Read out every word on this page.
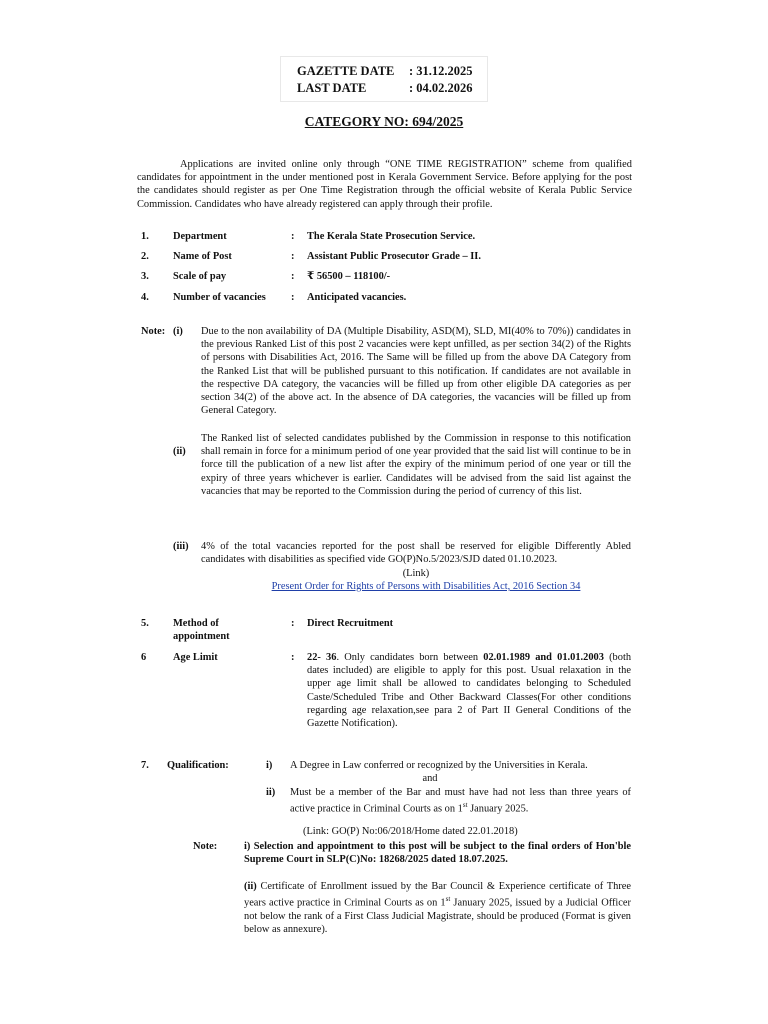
GAZETTE DATE : 31.12.2025
LAST DATE	: 04.02.2026
CATEGORY NO: 694/2025
Applications are invited online only through “ONE TIME REGISTRATION” scheme from qualified candidates for appointment in the under mentioned post in Kerala Government Service. Before applying for the post the candidates should register as per One Time Registration through the official website of Kerala Public Service Commission. Candidates who have already registered can apply through their profile.
1. Department	: The Kerala State Prosecution Service.
2. Name of Post	: Assistant Public Prosecutor Grade – II.
3. Scale of pay	: ₹ 56500 – 118100/-
4. Number of vacancies : Anticipated vacancies.
Note: (i) Due to the non availability of DA (Multiple Disability, ASD(M), SLD, MI(40% to 70%)) candidates in the previous Ranked List of this post 2 vacancies were kept unfilled, as per section 34(2) of the Rights of persons with Disabilities Act, 2016. The Same will be filled up from the above DA Category from the Ranked List that will be published pursuant to this notification. If candidates are not available in the respective DA category, the vacancies will be filled up from other eligible DA categories as per section 34(2) of the above act. In the absence of DA categories, the vacancies will be filled up from General Category.
(ii)
The Ranked list of selected candidates published by the Commission in response to this notification shall remain in force for a minimum period of one year provided that the said list will continue to be in force till the publication of a new list after the expiry of the minimum period of one year or till the expiry of three years whichever is earlier. Candidates will be advised from the said list against the vacancies that may be reported to the Commission during the period of currency of this list.
(iii) 4% of the total vacancies reported for the post shall be reserved for eligible Differently Abled candidates with disabilities as specified vide GO(P)No.5/2023/SJD dated 01.10.2023.
(Link)
Present Order for Rights of Persons with Disabilities Act, 2016 Section 34
5. Method of
appointment
: Direct Recruitment
6	Age Limit	: 22- 36. Only candidates born between 02.01.1989 and 01.01.2003 (both dates included) are eligible to apply for this post. Usual relaxation in the upper age limit shall be allowed to candidates belonging to Scheduled Caste/Scheduled Tribe and Other Backward Classes(For other conditions regarding age relaxation,see para 2 of Part II General Conditions of the Gazette Notification).
7. Qualification:	i) A Degree in Law conferred or recognized by the Universities in Kerala.
and
ii) Must be a member of the Bar and must have had not less than three years of active practice in Criminal Courts as on 1st January 2025.
(Link: GO(P) No:06/2018/Home dated 22.01.2018)
Note:	i) Selection and appointment to this post will be subject to the final orders of Hon'ble Supreme Court in SLP(C)No: 18268/2025 dated 18.07.2025.
(ii) Certificate of Enrollment issued by the Bar Council & Experience certificate of Three years active practice in Criminal Courts as on 1st January 2025, issued by a Judicial Officer not below the rank of a First Class Judicial Magistrate, should be produced (Format is given below as annexure).
